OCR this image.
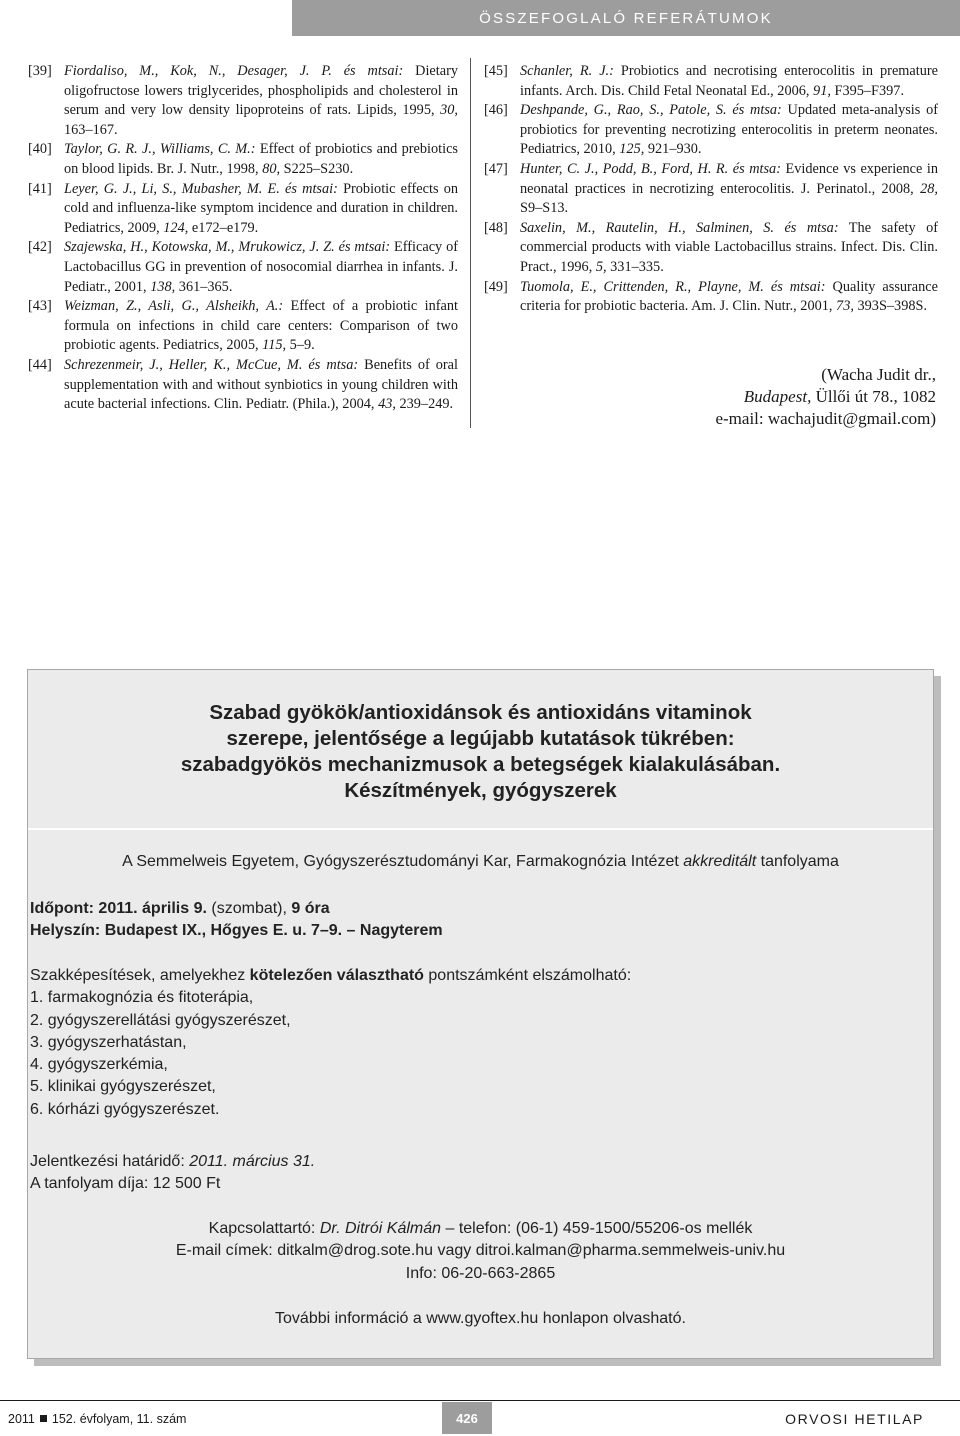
ÖSSZEFOGLALÓ REFERÁTUMOK
[39] Fiordaliso, M., Kok, N., Desager, J. P. és mtsai: Dietary oligofructose lowers triglycerides, phospholipids and cholesterol in serum and very low density lipoproteins of rats. Lipids, 1995, 30, 163–167.
[40] Taylor, G. R. J., Williams, C. M.: Effect of probiotics and prebiotics on blood lipids. Br. J. Nutr., 1998, 80, S225–S230.
[41] Leyer, G. J., Li, S., Mubasher, M. E. és mtsai: Probiotic effects on cold and influenza-like symptom incidence and duration in children. Pediatrics, 2009, 124, e172–e179.
[42] Szajewska, H., Kotowska, M., Mrukowicz, J. Z. és mtsai: Efficacy of Lactobacillus GG in prevention of nosocomial diarrhea in infants. J. Pediatr., 2001, 138, 361–365.
[43] Weizman, Z., Asli, G., Alsheikh, A.: Effect of a probiotic infant formula on infections in child care centers: Comparison of two probiotic agents. Pediatrics, 2005, 115, 5–9.
[44] Schrezenmeir, J., Heller, K., McCue, M. és mtsa: Benefits of oral supplementation with and without synbiotics in young children with acute bacterial infections. Clin. Pediatr. (Phila.), 2004, 43, 239–249.
[45] Schanler, R. J.: Probiotics and necrotising enterocolitis in premature infants. Arch. Dis. Child Fetal Neonatal Ed., 2006, 91, F395–F397.
[46] Deshpande, G., Rao, S., Patole, S. és mtsa: Updated meta-analysis of probiotics for preventing necrotizing enterocolitis in preterm neonates. Pediatrics, 2010, 125, 921–930.
[47] Hunter, C. J., Podd, B., Ford, H. R. és mtsa: Evidence vs experience in neonatal practices in necrotizing enterocolitis. J. Perinatol., 2008, 28, S9–S13.
[48] Saxelin, M., Rautelin, H., Salminen, S. és mtsa: The safety of commercial products with viable Lactobacillus strains. Infect. Dis. Clin. Pract., 1996, 5, 331–335.
[49] Tuomola, E., Crittenden, R., Playne, M. és mtsai: Quality assurance criteria for probiotic bacteria. Am. J. Clin. Nutr., 2001, 73, 393S–398S.
(Wacha Judit dr.,
Budapest, Üllői út 78., 1082
e-mail: wachajudit@gmail.com)
Szabad gyökök/antioxidánsok és antioxidáns vitaminok
szerepe, jelentősége a legújabb kutatások tükrében:
szabadgyökös mechanizmusok a betegségek kialakulásában.
Készítmények, gyógyszerek
A Semmelweis Egyetem, Gyógyszerésztudományi Kar, Farmakognózia Intézet akkreditált tanfolyama
Időpont: 2011. április 9. (szombat), 9 óra
Helyszín: Budapest IX., Hőgyes E. u. 7–9. – Nagyterem
Szakképesítések, amelyekhez kötelezően választható pontszámként elszámolható:
1. farmakognózia és fitoterápia,
2. gyógyszerellátási gyógyszerészet,
3. gyógyszerhatástan,
4. gyógyszerkémia,
5. klinikai gyógyszerészet,
6. kórházi gyógyszerészet.
Jelentkezési határidő: 2011. március 31.
A tanfolyam díja: 12 500 Ft
Kapcsolattartó: Dr. Ditrói Kálmán – telefon: (06-1) 459-1500/55206-os mellék
E-mail címek: ditkalm@drog.sote.hu vagy ditroi.kalman@pharma.semmelweis-univ.hu
Info: 06-20-663-2865
További információ a www.gyoftex.hu honlapon olvasható.
2011 152. évfolyam, 11. szám	426	ORVOSI HETILAP
